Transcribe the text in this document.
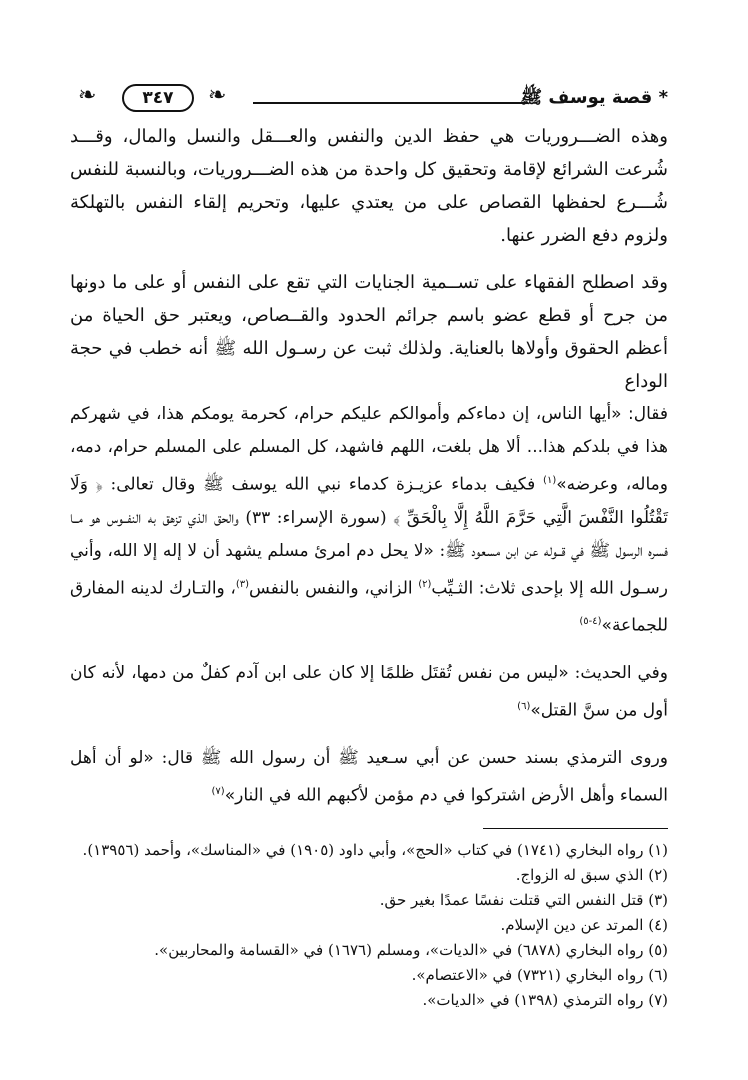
* قصة يوسف ﷺ
❧	٣٤٧	❧

وهذه الضـــروريات هي حفظ الدين والنفس والعـــقل والنسل والمال، وقـــد شُرعت الشرائع لإقامة وتحقيق كل واحدة من هذه الضـــروريات، وبالنسبة للنفس شُـــرع لحفظها القصاص على من يعتدي عليها، وتحريم إلقاء النفس بالتهلكة ولزوم دفع الضرر عنها.

وقد اصطلح الفقهاء على تســمية الجنايات التي تقع على النفس أو على ما دونها من جرح أو قطع عضو باسم جرائم الحدود والقــصاص، ويعتبر حق الحياة من أعظم الحقوق وأولاها بالعناية. ولذلك ثبت عن رسـول الله ﷺ أنه خطب في حجة الوداع

فقال: «أيها الناس، إن دماءكم وأموالكم عليكم حرام، كحرمة يومكم هذا، في شهركم هذا في بلدكم هذا... ألا هل بلغت، اللهم فاشهد، كل المسلم على المسلم حرام، دمه، وماله، وعرضه»$^{(١)}$ فكيف بدماء عزيـزة كدماء نبي الله يوسف ﷺ وقال تعالى: ﴿ وَلَا تَقْتُلُوا النَّفْسَ الَّتِي حَرَّمَ اللَّهُ إِلَّا بِالْحَقِّ ﴾ (سورة الإسراء: ٣٣) والحق الذي تزهق به النفــوس هو مــا فسره الرسول ﷺ في قــوله عن ابن مسعود ﷺ: «لا يحل دم امرئ مسلم يشهد أن لا إله إلا الله، وأني رسـول الله إلا بإحدى ثلاث: الثـيِّب$^{(٢)}$ الزاني، والنفس بالنفس$^{(٣)}$، والتـارك لدينه المفارق للجماعة»$^{(٤-٥)}$

وفي الحديث: «ليس من نفس تُقتَل ظلمًا إلا كان على ابن آدم كفلٌ من دمها، لأنه كان أول من سنَّ القتل»$^{(٦)}$

وروى الترمذي بسند حسن عن أبي سـعيد ﷺ أن رسول الله ﷺ قال: «لو أن أهل السماء وأهل الأرض اشتركوا في دم مؤمن لأكبهم الله في النار»$^{(٧)}$

(١) رواه البخاري (١٧٤١) في كتاب «الحج»، وأبي داود (١٩٠٥) في «المناسك»، وأحمد (١٣٩٥٦).
(٢) الذي سبق له الزواج.
(٣) قتل النفس التي قتلت نفسًا عمدًا بغير حق.
(٤) المرتد عن دين الإسلام.
(٥) رواه البخاري (٦٨٧٨) في «الديات»، ومسلم (١٦٧٦) في «القسامة والمحاربين».
(٦) رواه البخاري (٧٣٢١) في «الاعتصام».
(٧) رواه الترمذي (١٣٩٨) في «الديات».
